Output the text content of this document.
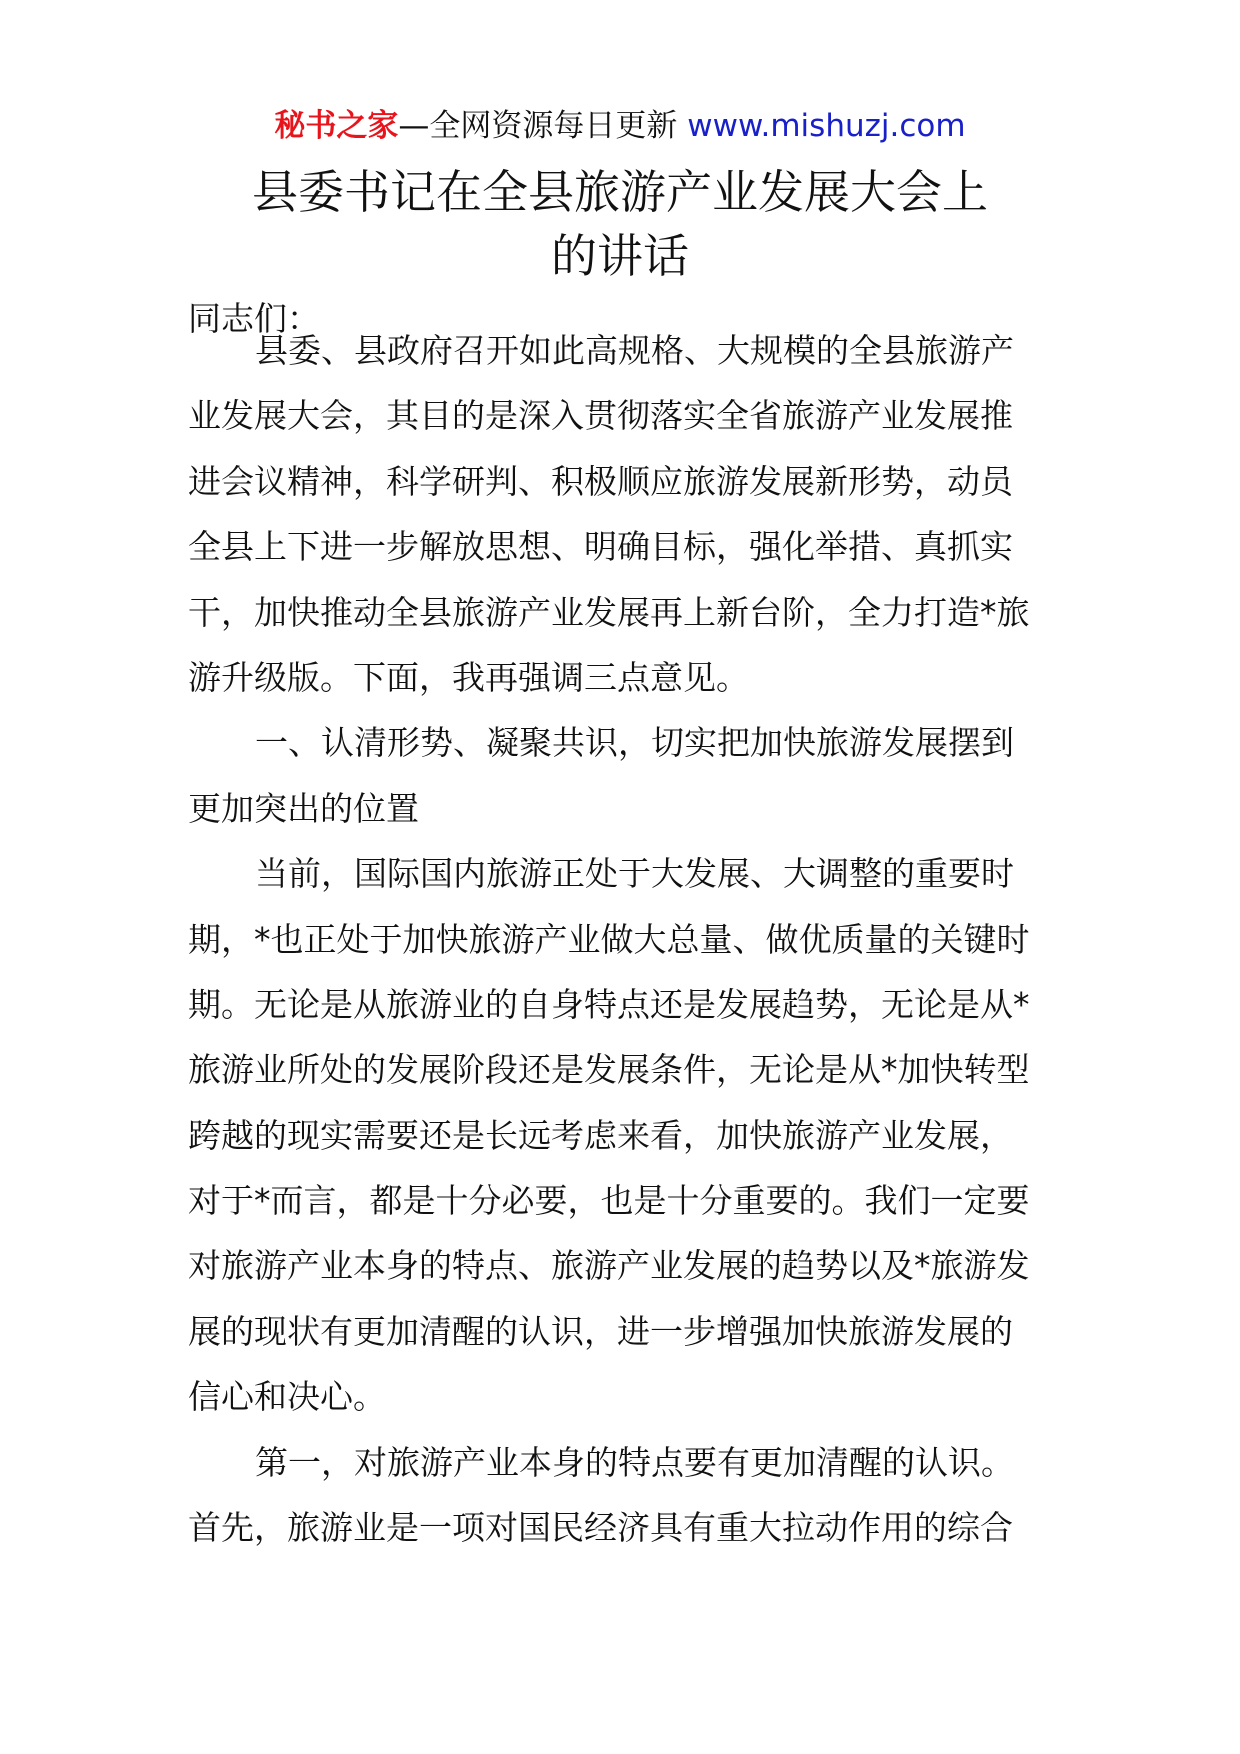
秘书之家—全网资源每日更新 www.mishuzj.com
县委书记在全县旅游产业发展大会上
的讲话
同志们：
县委、县政府召开如此高规格、大规模的全县旅游产
业发展大会，其目的是深入贯彻落实全省旅游产业发展推
进会议精神，科学研判、积极顺应旅游发展新形势，动员
全县上下进一步解放思想、明确目标，强化举措、真抓实
干，加快推动全县旅游产业发展再上新台阶，全力打造*旅
游升级版。下面，我再强调三点意见。
一、认清形势、凝聚共识，切实把加快旅游发展摆到
更加突出的位置
当前，国际国内旅游正处于大发展、大调整的重要时
期，*也正处于加快旅游产业做大总量、做优质量的关键时
期。无论是从旅游业的自身特点还是发展趋势，无论是从*
旅游业所处的发展阶段还是发展条件，无论是从*加快转型
跨越的现实需要还是长远考虑来看，加快旅游产业发展，
对于*而言，都是十分必要，也是十分重要的。我们一定要
对旅游产业本身的特点、旅游产业发展的趋势以及*旅游发
展的现状有更加清醒的认识，进一步增强加快旅游发展的
信心和决心。
第一，对旅游产业本身的特点要有更加清醒的认识。
首先，旅游业是一项对国民经济具有重大拉动作用的综合
